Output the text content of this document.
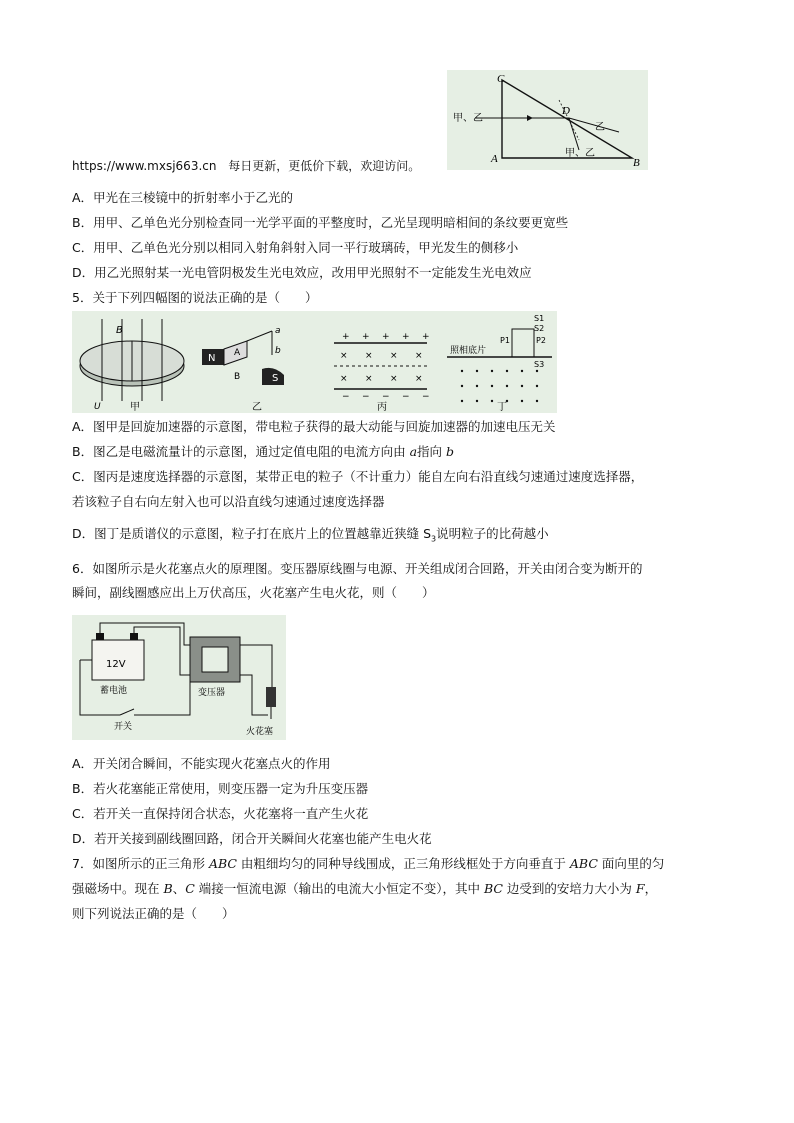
https://www.mxsj663.cn 每日更新，更低价下载，欢迎访问。
C
D
A	B
甲、乙
乙
甲、乙
A．甲光在三棱镜中的折射率小于乙光的
B．用甲、乙单色光分别检查同一光学平面的平整度时，乙光呈现明暗相间的条纹要更宽些
C．用甲、乙单色光分别以相同入射角斜射入同一平行玻璃砖，甲光发生的侧移小
D．用乙光照射某一光电管阴极发生光电效应，改用甲光照射不一定能发生光电效应
5．关于下列四幅图的说法正确的是（　　）
B
U	甲
N
S
A
B
a
b
乙
+ + + + +
− − − − −
× × × ×
× × × ×
丙
照相底片
P1	P2
S1
S2
S3
丁
A．图甲是回旋加速器的示意图，带电粒子获得的最大动能与回旋加速器的加速电压无关
B．图乙是电磁流量计的示意图，通过定值电阻的电流方向由 a指向 b
C．图丙是速度选择器的示意图，某带正电的粒子（不计重力）能自左向右沿直线匀速通过速度选择器，
若该粒子自右向左射入也可以沿直线匀速通过速度选择器
D．图丁是质谱仪的示意图，粒子打在底片上的位置越靠近狭缝 $S_3$说明粒子的比荷越小
6．如图所示是火花塞点火的原理图。变压器原线圈与电源、开关组成闭合回路，开关由闭合变为断开的
瞬间，副线圈感应出上万伏高压，火花塞产生电火花，则（　　）
12V
蓄电池	变压器
火花塞
开关
A．开关闭合瞬间，不能实现火花塞点火的作用
B．若火花塞能正常使用，则变压器一定为升压变压器
C．若开关一直保持闭合状态，火花塞将一直产生火花
D．若开关接到副线圈回路，闭合开关瞬间火花塞也能产生电火花
7．如图所示的正三角形 ABC 由粗细均匀的同种导线围成，正三角形线框处于方向垂直于 ABC 面向里的匀
强磁场中。现在 B、C 端接一恒流电源（输出的电流大小恒定不变），其中 BC 边受到的安培力大小为 F，
则下列说法正确的是（　　）
